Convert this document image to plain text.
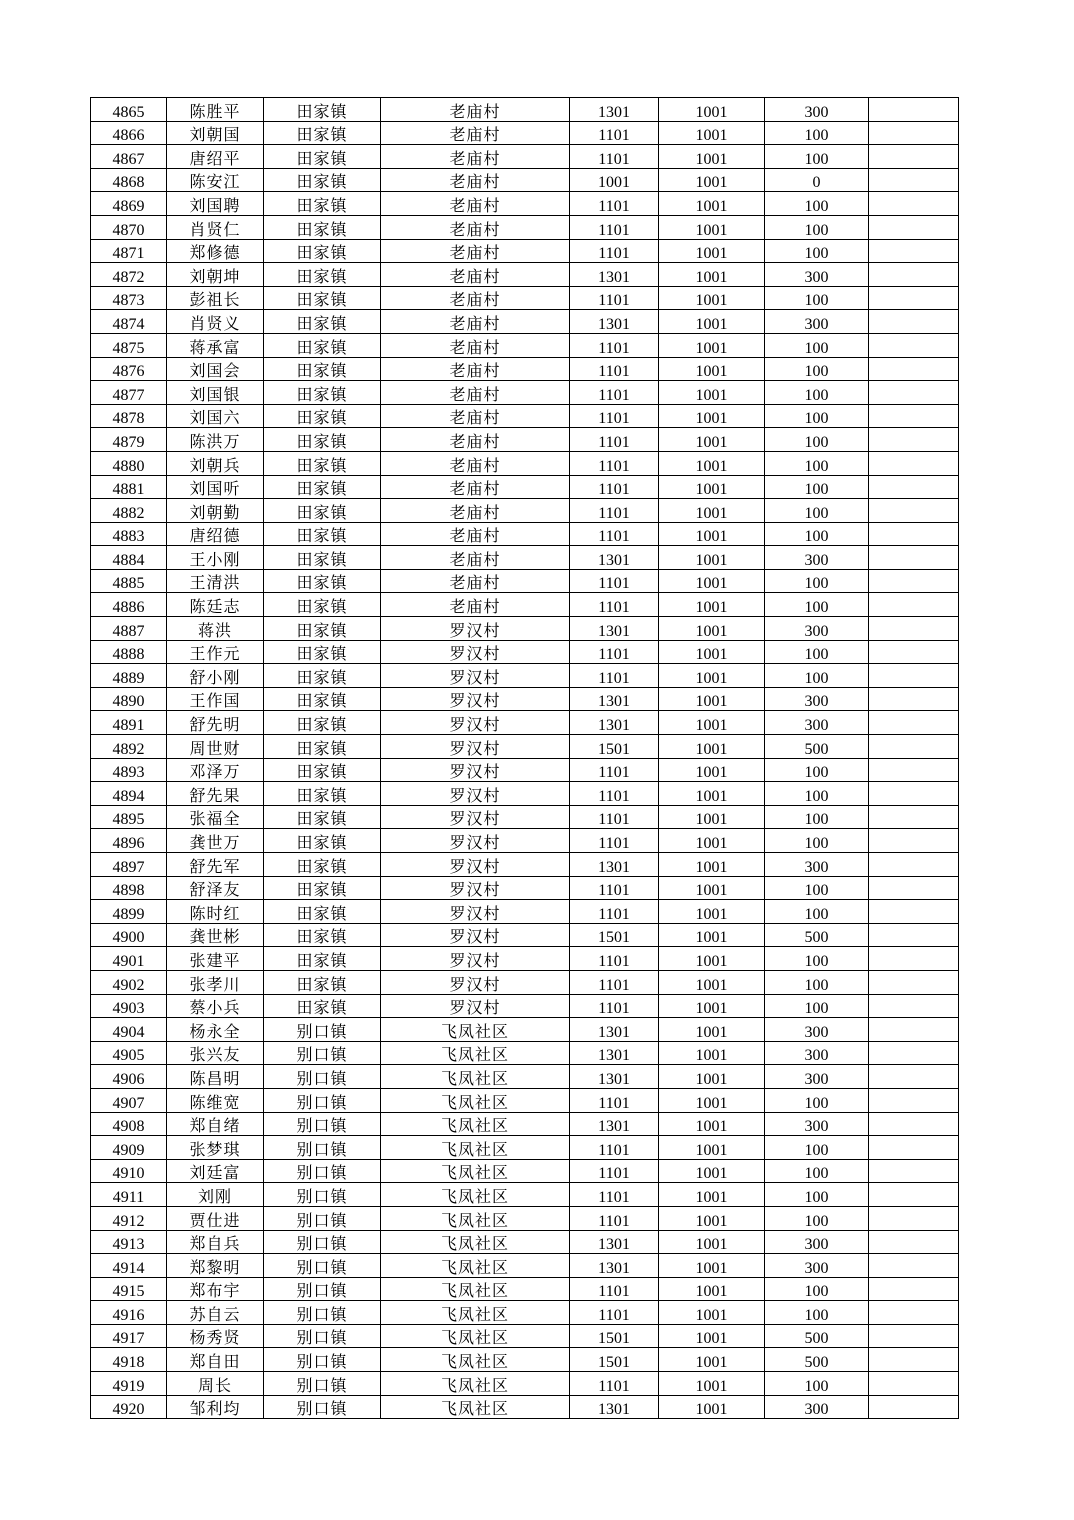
4865	陈胜平	田家镇	老庙村	1301	1001	300	
4866	刘朝国	田家镇	老庙村	1101	1001	100	
4867	唐绍平	田家镇	老庙村	1101	1001	100	
4868	陈安江	田家镇	老庙村	1001	1001	0	
4869	刘国聘	田家镇	老庙村	1101	1001	100	
4870	肖贤仁	田家镇	老庙村	1101	1001	100	
4871	郑修德	田家镇	老庙村	1101	1001	100	
4872	刘朝坤	田家镇	老庙村	1301	1001	300	
4873	彭祖长	田家镇	老庙村	1101	1001	100	
4874	肖贤义	田家镇	老庙村	1301	1001	300	
4875	蒋承富	田家镇	老庙村	1101	1001	100	
4876	刘国会	田家镇	老庙村	1101	1001	100	
4877	刘国银	田家镇	老庙村	1101	1001	100	
4878	刘国六	田家镇	老庙村	1101	1001	100	
4879	陈洪万	田家镇	老庙村	1101	1001	100	
4880	刘朝兵	田家镇	老庙村	1101	1001	100	
4881	刘国听	田家镇	老庙村	1101	1001	100	
4882	刘朝勤	田家镇	老庙村	1101	1001	100	
4883	唐绍德	田家镇	老庙村	1101	1001	100	
4884	王小刚	田家镇	老庙村	1301	1001	300	
4885	王清洪	田家镇	老庙村	1101	1001	100	
4886	陈廷志	田家镇	老庙村	1101	1001	100	
4887	蒋洪	田家镇	罗汉村	1301	1001	300	
4888	王作元	田家镇	罗汉村	1101	1001	100	
4889	舒小刚	田家镇	罗汉村	1101	1001	100	
4890	王作国	田家镇	罗汉村	1301	1001	300	
4891	舒先明	田家镇	罗汉村	1301	1001	300	
4892	周世财	田家镇	罗汉村	1501	1001	500	
4893	邓泽万	田家镇	罗汉村	1101	1001	100	
4894	舒先果	田家镇	罗汉村	1101	1001	100	
4895	张福全	田家镇	罗汉村	1101	1001	100	
4896	龚世万	田家镇	罗汉村	1101	1001	100	
4897	舒先军	田家镇	罗汉村	1301	1001	300	
4898	舒泽友	田家镇	罗汉村	1101	1001	100	
4899	陈时红	田家镇	罗汉村	1101	1001	100	
4900	龚世彬	田家镇	罗汉村	1501	1001	500	
4901	张建平	田家镇	罗汉村	1101	1001	100	
4902	张孝川	田家镇	罗汉村	1101	1001	100	
4903	蔡小兵	田家镇	罗汉村	1101	1001	100	
4904	杨永全	别口镇	飞凤社区	1301	1001	300	
4905	张兴友	别口镇	飞凤社区	1301	1001	300	
4906	陈昌明	别口镇	飞凤社区	1301	1001	300	
4907	陈维宽	别口镇	飞凤社区	1101	1001	100	
4908	郑自绪	别口镇	飞凤社区	1301	1001	300	
4909	张梦琪	别口镇	飞凤社区	1101	1001	100	
4910	刘廷富	别口镇	飞凤社区	1101	1001	100	
4911	刘刚	别口镇	飞凤社区	1101	1001	100	
4912	贾仕进	别口镇	飞凤社区	1101	1001	100	
4913	郑自兵	别口镇	飞凤社区	1301	1001	300	
4914	郑黎明	别口镇	飞凤社区	1301	1001	300	
4915	郑布宇	别口镇	飞凤社区	1101	1001	100	
4916	苏自云	别口镇	飞凤社区	1101	1001	100	
4917	杨秀贤	别口镇	飞凤社区	1501	1001	500	
4918	郑自田	别口镇	飞凤社区	1501	1001	500	
4919	周长	别口镇	飞凤社区	1101	1001	100	
4920	邹利均	别口镇	飞凤社区	1301	1001	300	
